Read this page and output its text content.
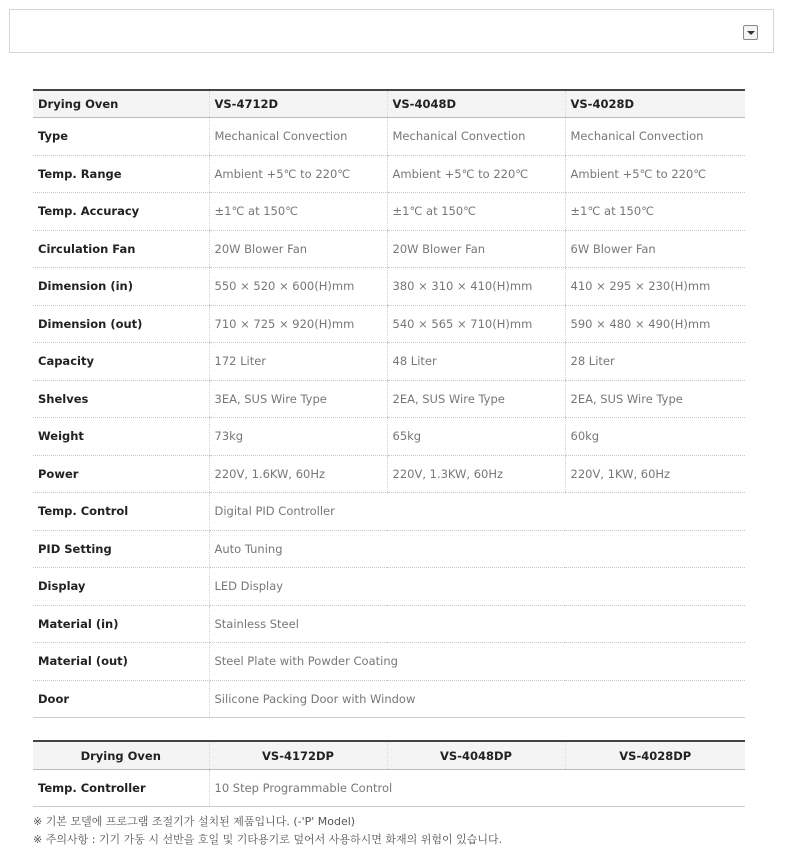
Drying Oven	VS-4712D	VS-4048D	VS-4028D
Type	Mechanical Convection	Mechanical Convection	Mechanical Convection
Temp. Range	Ambient +5℃ to 220℃	Ambient +5℃ to 220℃	Ambient +5℃ to 220℃
Temp. Accuracy	±1℃ at 150℃	±1℃ at 150℃	±1℃ at 150℃
Circulation Fan	20W Blower Fan	20W Blower Fan	6W Blower Fan
Dimension (in)	550 × 520 × 600(H)mm	380 × 310 × 410(H)mm	410 × 295 × 230(H)mm
Dimension (out)	710 × 725 × 920(H)mm	540 × 565 × 710(H)mm	590 × 480 × 490(H)mm
Capacity	172 Liter	48 Liter	28 Liter
Shelves	3EA, SUS Wire Type	2EA, SUS Wire Type	2EA, SUS Wire Type
Weight	73kg	65kg	60kg
Power	220V, 1.6KW, 60Hz	220V, 1.3KW, 60Hz	220V, 1KW, 60Hz
Temp. Control	Digital PID Controller		
PID Setting	Auto Tuning		
Display	LED Display		
Material (in)	Stainless Steel		
Material (out)	Steel Plate with Powder Coating		
Door	Silicone Packing Door with Window		
Drying Oven	VS-4172DP	VS-4048DP	VS-4028DP
Temp. Controller	10 Step Programmable Control		
※ 기본 모델에 프로그램 조절기가 설치된 제품입니다. (-'P' Model)
※ 주의사항 : 기기 가동 시 선반을 호일 및 기타용기로 덮어서 사용하시면 화재의 위험이 있습니다.
